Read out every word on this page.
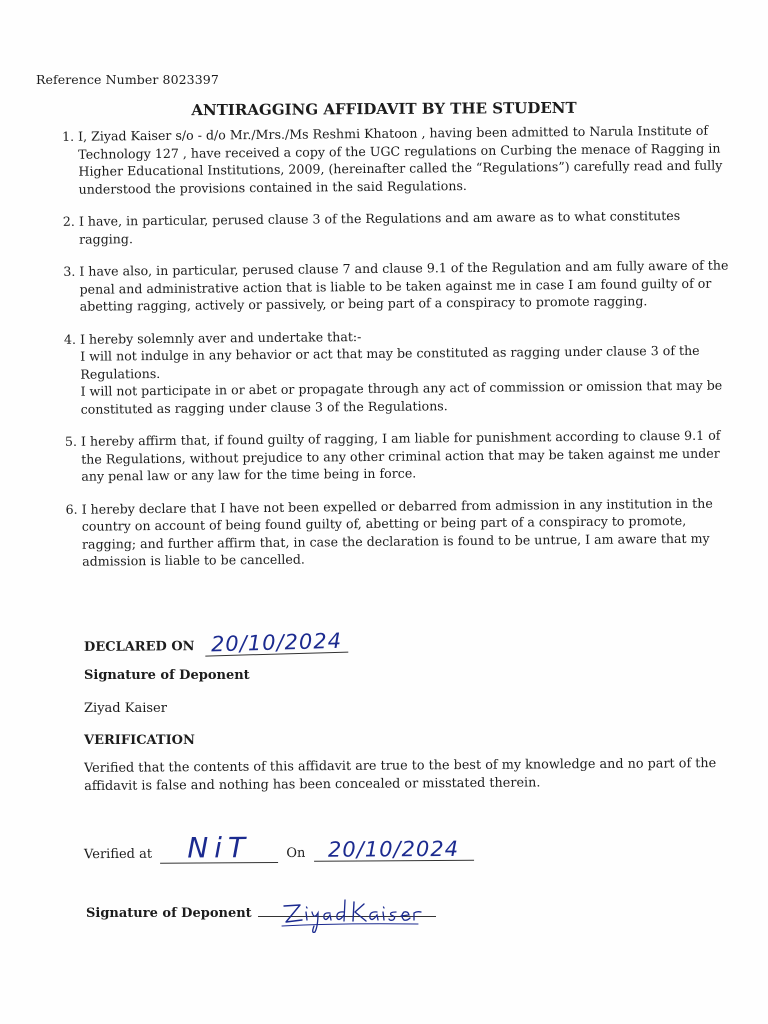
Reference Number 8023397
ANTIRAGGING AFFIDAVIT BY THE STUDENT
1. I, Ziyad Kaiser s/o - d/o Mr./Mrs./Ms Reshmi Khatoon , having been admitted to Narula Institute of Technology 127 , have received a copy of the UGC regulations on Curbing the menace of Ragging in Higher Educational Institutions, 2009, (hereinafter called the “Regulations”) carefully read and fully understood the provisions contained in the said Regulations.
2. I have, in particular, perused clause 3 of the Regulations and am aware as to what constitutes ragging.
3. I have also, in particular, perused clause 7 and clause 9.1 of the Regulation and am fully aware of the penal and administrative action that is liable to be taken against me in case I am found guilty of or abetting ragging, actively or passively, or being part of a conspiracy to promote ragging.
4. I hereby solemnly aver and undertake that:-
I will not indulge in any behavior or act that may be constituted as ragging under clause 3 of the Regulations.
I will not participate in or abet or propagate through any act of commission or omission that may be constituted as ragging under clause 3 of the Regulations.
5. I hereby affirm that, if found guilty of ragging, I am liable for punishment according to clause 9.1 of the Regulations, without prejudice to any other criminal action that may be taken against me under any penal law or any law for the time being in force.
6. I hereby declare that I have not been expelled or debarred from admission in any institution in the country on account of being found guilty of, abetting or being part of a conspiracy to promote, ragging; and further affirm that, in case the declaration is found to be untrue, I am aware that my admission is liable to be cancelled.
DECLARED ON 20/10/2024
Signature of Deponent
Ziyad Kaiser
VERIFICATION
Verified that the contents of this affidavit are true to the best of my knowledge and no part of the affidavit is false and nothing has been concealed or misstated therein.
Verified at NiT	On 20/10/2024
Signature of Deponent
